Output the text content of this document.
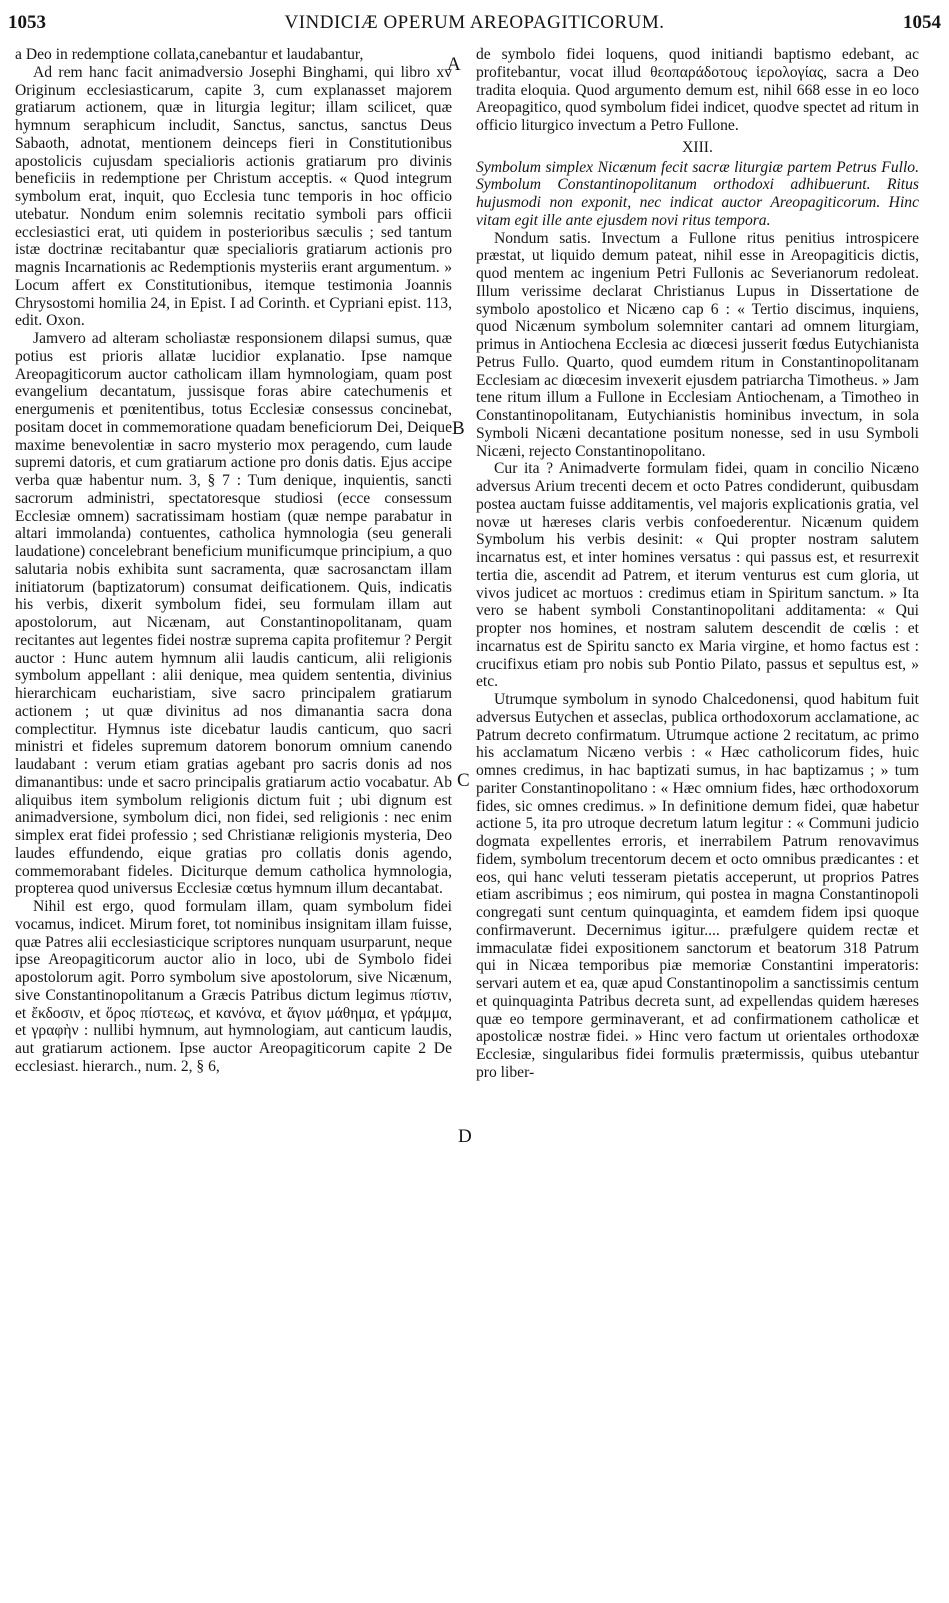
1053	VINDICIÆ OPERUM AREOPAGITICORUM.	1054
A
B
C
D

a Deo in redemptione collata,canebantur et laudabantur,

Ad rem hanc facit animadversio Josephi Binghami, qui libro xv Originum ecclesiasticarum, capite 3, cum explanasset majorem gratiarum actionem, quæ in liturgia legitur; illam scilicet, quæ hymnum seraphicum includit, Sanctus, sanctus, sanctus Deus Sabaoth, adnotat, mentionem deinceps fieri in Constitutionibus apostolicis cujusdam specialioris actionis gratiarum pro divinis beneficiis in redemptione per Christum acceptis. « Quod integrum symbolum erat, inquit, quo Ecclesia tunc temporis in hoc officio utebatur. Nondum enim solemnis recitatio symboli pars officii ecclesiastici erat, uti quidem in posterioribus sæculis ; sed tantum istæ doctrinæ recitabantur quæ specialioris gratiarum actionis pro magnis Incarnationis ac Redemptionis mysteriis erant argumentum. » Locum affert ex Constitutionibus, itemque testimonia Joannis Chrysostomi homilia 24, in Epist. I ad Corinth. et Cypriani epist. 113, edit. Oxon.

Jamvero ad alteram scholiastæ responsionem dilapsi sumus, quæ potius est prioris allatæ lucidior explanatio. Ipse namque Areopagiticorum auctor catholicam illam hymnologiam, quam post evangelium decantatum, jussisque foras abire catechumenis et energumenis et pœnitentibus, totus Ecclesiæ consessus concinebat, positam docet in commemoratione quadam beneficiorum Dei, Deique maxime benevolentiæ in sacro mysterio mox peragendo, cum laude supremi datoris, et cum gratiarum actione pro donis datis. Ejus accipe verba quæ habentur num. 3, § 7 : Tum denique, inquientis, sancti sacrorum administri, spectatoresque studiosi (ecce consessum Ecclesiæ omnem) sacratissimam hostiam (quæ nempe parabatur in altari immolanda) contuentes, catholica hymnologia (seu generali laudatione) concelebrant beneficium munificumque principium, a quo salutaria nobis exhibita sunt sacramenta, quæ sacrosanctam illam initiatorum (baptizatorum) consumat deificationem. Quis, indicatis his verbis, dixerit symbolum fidei, seu formulam illam aut apostolorum, aut Nicænam, aut Constantinopolitanam, quam recitantes aut legentes fidei nostræ suprema capita profitemur ? Pergit auctor : Hunc autem hymnum alii laudis canticum, alii religionis symbolum appellant : alii denique, mea quidem sententia, divinius hierarchicam eucharistiam, sive sacro principalem gratiarum actionem ; ut quæ divinitus ad nos dimanantia sacra dona complectitur. Hymnus iste dicebatur laudis canticum, quo sacri ministri et fideles supremum datorem bonorum omnium canendo laudabant : verum etiam gratias agebant pro sacris donis ad nos dimanantibus: unde et sacro principalis gratiarum actio vocabatur. Ab aliquibus item symbolum religionis dictum fuit ; ubi dignum est animadversione, symbolum dici, non fidei, sed religionis : nec enim simplex erat fidei professio ; sed Christianæ religionis mysteria, Deo laudes effundendo, eique gratias pro collatis donis agendo, commemorabant fideles. Diciturque demum catholica hymnologia, propterea quod universus Ecclesiæ cœtus hymnum illum decantabat.

Nihil est ergo, quod formulam illam, quam symbolum fidei vocamus, indicet. Mirum foret, tot nominibus insignitam illam fuisse, quæ Patres alii ecclesiasticique scriptores nunquam usurparunt, neque ipse Areopagiticorum auctor alio in loco, ubi de Symbolo fidei apostolorum agit. Porro symbolum sive apostolorum, sive Nicænum, sive Constantinopolitanum a Græcis Patribus dictum legimus πίστιν, et ἔκδοσιν, et ὅρος πίστεως, et κανόνα, et ἅγιον μάθημα, et γράμμα, et γραφὴν : nullibi hymnum, aut hymnologiam, aut canticum laudis, aut gratiarum actionem. Ipse auctor Areopagiticorum capite 2 De ecclesiast. hierarch., num. 2, § 6,

de symbolo fidei loquens, quod initiandi baptismo edebant, ac profitebantur, vocat illud θεοπαράδοτους ἱερολογίας, sacra a Deo tradita eloquia. Quod argumento demum est, nihil 668 esse in eo loco Areopagitico, quod symbolum fidei indicet, quodve spectet ad ritum in officio liturgico invectum a Petro Fullone.

XIII.

Symbolum simplex Nicænum fecit sacræ liturgiæ partem Petrus Fullo. Symbolum Constantinopolitanum orthodoxi adhibuerunt. Ritus hujusmodi non exponit, nec indicat auctor Areopagiticorum. Hinc vitam egit ille ante ejusdem novi ritus tempora.

Nondum satis. Invectum a Fullone ritus penitius introspicere præstat, ut liquido demum pateat, nihil esse in Areopagiticis dictis, quod mentem ac ingenium Petri Fullonis ac Severianorum redoleat. Illum verissime declarat Christianus Lupus in Dissertatione de symbolo apostolico et Nicæno cap 6 : « Tertio discimus, inquiens, quod Nicænum symbolum solemniter cantari ad omnem liturgiam, primus in Antiochena Ecclesia ac diœcesi jusserit fœdus Eutychianista Petrus Fullo. Quarto, quod eumdem ritum in Constantinopolitanam Ecclesiam ac diœcesim invexerit ejusdem patriarcha Timotheus. » Jam tene ritum illum a Fullone in Ecclesiam Antiochenam, a Timotheo in Constantinopolitanam, Eutychianistis hominibus invectum, in sola Symboli Nicæni decantatione positum nonesse, sed in usu Symboli Nicæni, rejecto Constantinopolitano.

Cur ita ? Animadverte formulam fidei, quam in concilio Nicæno adversus Arium trecenti decem et octo Patres condiderunt, quibusdam postea auctam fuisse additamentis, vel majoris explicationis gratia, vel novæ ut hæreses claris verbis confoederentur. Nicænum quidem Symbolum his verbis desinit: « Qui propter nostram salutem incarnatus est, et inter homines versatus : qui passus est, et resurrexit tertia die, ascendit ad Patrem, et iterum venturus est cum gloria, ut vivos judicet ac mortuos : credimus etiam in Spiritum sanctum. » Ita vero se habent symboli Constantinopolitani additamenta: « Qui propter nos homines, et nostram salutem descendit de cœlis : et incarnatus est de Spiritu sancto ex Maria virgine, et homo factus est : crucifixus etiam pro nobis sub Pontio Pilato, passus et sepultus est, » etc.

Utrumque symbolum in synodo Chalcedonensi, quod habitum fuit adversus Eutychen et asseclas, publica orthodoxorum acclamatione, ac Patrum decreto confirmatum. Utrumque actione 2 recitatum, ac primo his acclamatum Nicæno verbis : « Hæc catholicorum fides, huic omnes credimus, in hac baptizati sumus, in hac baptizamus ; » tum pariter Constantinopolitano : « Hæc omnium fides, hæc orthodoxorum fides, sic omnes credimus. » In definitione demum fidei, quæ habetur actione 5, ita pro utroque decretum latum legitur : « Communi judicio dogmata expellentes erroris, et inerrabilem Patrum renovavimus fidem, symbolum trecentorum decem et octo omnibus prædicantes : et eos, qui hanc veluti tesseram pietatis acceperunt, ut proprios Patres etiam ascribimus ; eos nimirum, qui postea in magna Constantinopoli congregati sunt centum quinquaginta, et eamdem fidem ipsi quoque confirmaverunt. Decernimus igitur.... præfulgere quidem rectæ et immaculatæ fidei expositionem sanctorum et beatorum 318 Patrum qui in Nicæa temporibus piæ memoriæ Constantini imperatoris: servari autem et ea, quæ apud Constantinopolim a sanctissimis centum et quinquaginta Patribus decreta sunt, ad expellendas quidem hæreses quæ eo tempore germinaverant, et ad confirmationem catholicæ et apostolicæ nostræ fidei. » Hinc vero factum ut orientales orthodoxæ Ecclesiæ, singularibus fidei formulis prætermissis, quibus utebantur pro liber-
